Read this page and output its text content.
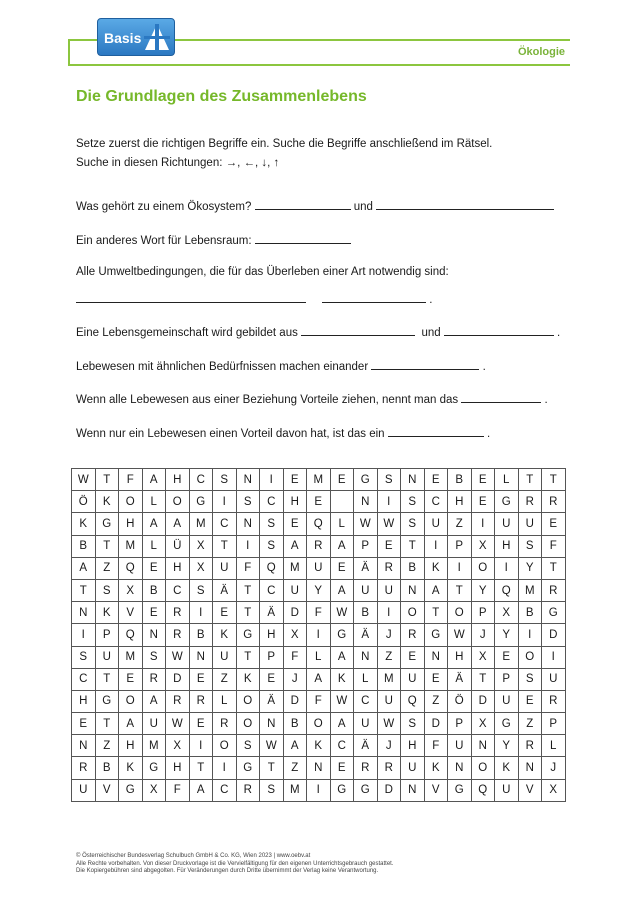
Basis
Ökologie
Die Grundlagen des Zusammenlebens
Setze zuerst die richtigen Begriffe ein. Suche die Begriffe anschließend im Rätsel.
Suche in diesen Richtungen: →, ←, ↓, ↑
Was gehört zu einem Ökosystem?	und
Ein anderes Wort für Lebensraum:
Alle Umweltbedingungen, die für das Überleben einer Art notwendig sind:
.
Eine Lebensgemeinschaft wird gebildet aus	und	.
Lebewesen mit ähnlichen Bedürfnissen machen einander	.
Wenn alle Lebewesen aus einer Beziehung Vorteile ziehen, nennt man das	.
Wenn nur ein Lebewesen einen Vorteil davon hat, ist das ein	.
W	T	F	A	H	C	S	N	I	E	M	E	G	S	N	E	B	E	L	T	T
Ö	K	O	L	O	G	I	S	C	H	E		N	I	S	C	H	E	G	R	R
K	G	H	A	A	M	C	N	S	E	Q	L	W	W	S	U	Z	I	U	U	E
B	T	M	L	Ü	X	T	I	S	A	R	A	P	E	T	I	P	X	H	S	F
A	Z	Q	E	H	X	U	F	Q	M	U	E	Ä	R	B	K	I	O	I	Y	T
T	S	X	B	C	S	Ä	T	C	U	Y	A	U	U	N	A	T	Y	Q	M	R
N	K	V	E	R	I	E	T	Ä	D	F	W	B	I	O	T	O	P	X	B	G
I	P	Q	N	R	B	K	G	H	X	I	G	Ä	J	R	G	W	J	Y	I	D
S	U	M	S	W	N	U	T	P	F	L	A	N	Z	E	N	H	X	E	O	I
C	T	E	R	D	E	Z	K	E	J	A	K	L	M	U	E	Ä	T	P	S	U
H	G	O	A	R	R	L	O	Ä	D	F	W	C	U	Q	Z	Ö	D	U	E	R
E	T	A	U	W	E	R	O	N	B	O	A	U	W	S	D	P	X	G	Z	P
N	Z	H	M	X	I	O	S	W	A	K	C	Ä	J	H	F	U	N	Y	R	L
R	B	K	G	H	T	I	G	T	Z	N	E	R	R	U	K	N	O	K	N	J
U	V	G	X	F	A	C	R	S	M	I	G	G	D	N	V	G	Q	U	V	X
© Österreichischer Bundesverlag Schulbuch GmbH & Co. KG, Wien 2023 | www.oebv.at
Alle Rechte vorbehalten. Von dieser Druckvorlage ist die Vervielfältigung für den eigenen Unterrichtsgebrauch gestattet.
Die Kopiergebühren sind abgegolten. Für Veränderungen durch Dritte übernimmt der Verlag keine Verantwortung.
